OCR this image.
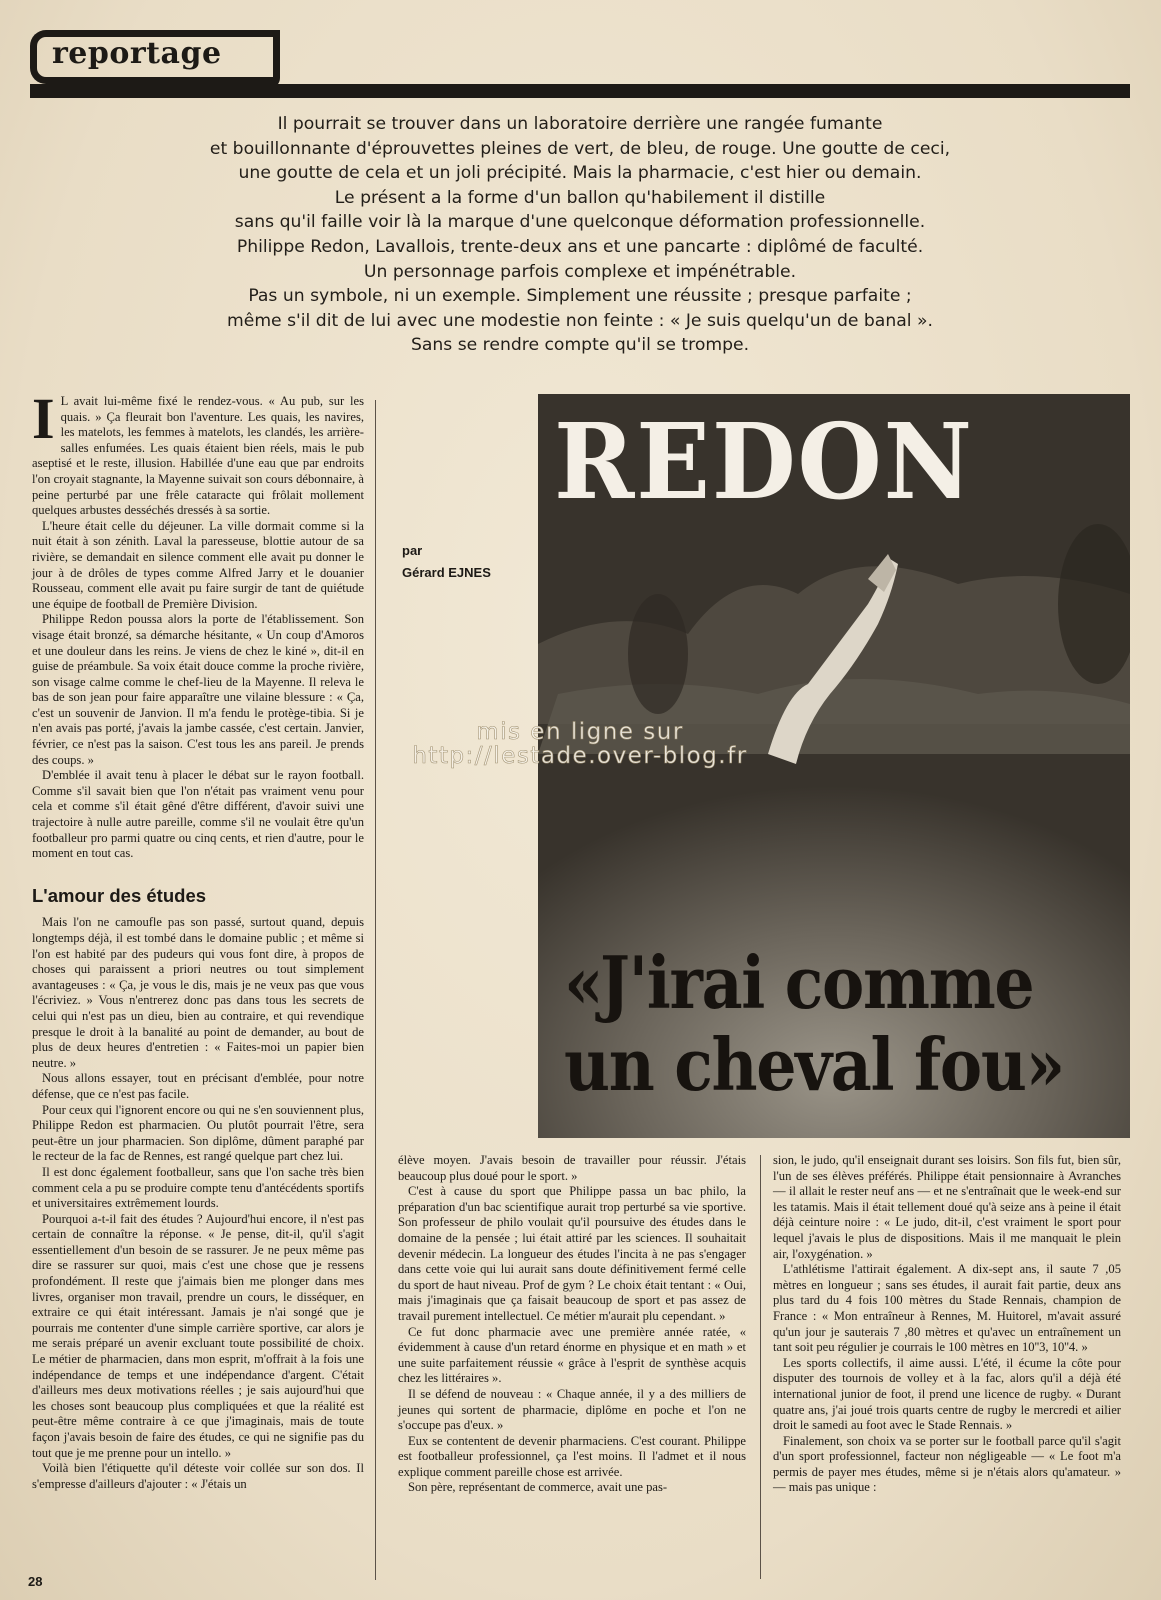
reportage

Il pourrait se trouver dans un laboratoire derrière une rangée fumante

et bouillonnante d'éprouvettes pleines de vert, de bleu, de rouge. Une goutte de ceci,

une goutte de cela et un joli précipité. Mais la pharmacie, c'est hier ou demain.

Le présent a la forme d'un ballon qu'habilement il distille

sans qu'il faille voir là la marque d'une quelconque déformation professionnelle.

Philippe Redon, Lavallois, trente-deux ans et une pancarte : diplômé de faculté.

Un personnage parfois complexe et impénétrable.

Pas un symbole, ni un exemple. Simplement une réussite ; presque parfaite ;

même s'il dit de lui avec une modestie non feinte : « Je suis quelqu'un de banal ».

Sans se rendre compte qu'il se trompe.

I L avait lui-même fixé le rendez-vous. « Au pub, sur les quais. » Ça fleurait bon l'aventure. Les quais, les navires, les matelots, les femmes à matelots, les clandés, les arrière-salles enfumées. Les quais étaient bien réels, mais le pub aseptisé et le reste, illusion. Habillée d'une eau que par endroits l'on croyait stagnante, la Mayenne suivait son cours débonnaire, à peine perturbé par une frêle cataracte qui frôlait mollement quelques arbustes desséchés dressés à sa sortie.

L'heure était celle du déjeuner. La ville dormait comme si la nuit était à son zénith. Laval la paresseuse, blottie autour de sa rivière, se demandait en silence comment elle avait pu donner le jour à de drôles de types comme Alfred Jarry et le douanier Rousseau, comment elle avait pu faire surgir de tant de quiétude une équipe de football de Première Division.

Philippe Redon poussa alors la porte de l'établissement. Son visage était bronzé, sa démarche hésitante, « Un coup d'Amoros et une douleur dans les reins. Je viens de chez le kiné », dit-il en guise de préambule. Sa voix était douce comme la proche rivière, son visage calme comme le chef-lieu de la Mayenne. Il releva le bas de son jean pour faire apparaître une vilaine blessure : « Ça, c'est un souvenir de Janvion. Il m'a fendu le protège-tibia. Si je n'en avais pas porté, j'avais la jambe cassée, c'est certain. Janvier, février, ce n'est pas la saison. C'est tous les ans pareil. Je prends des coups. »

D'emblée il avait tenu à placer le débat sur le rayon football. Comme s'il savait bien que l'on n'était pas vraiment venu pour cela et comme s'il était gêné d'être différent, d'avoir suivi une trajectoire à nulle autre pareille, comme s'il ne voulait être qu'un footballeur pro parmi quatre ou cinq cents, et rien d'autre, pour le moment en tout cas.

L'amour des études

Mais l'on ne camoufle pas son passé, surtout quand, depuis longtemps déjà, il est tombé dans le domaine public ; et même si l'on est habité par des pudeurs qui vous font dire, à propos de choses qui paraissent a priori neutres ou tout simplement avantageuses : « Ça, je vous le dis, mais je ne veux pas que vous l'écriviez. » Vous n'entrerez donc pas dans tous les secrets de celui qui n'est pas un dieu, bien au contraire, et qui revendique presque le droit à la banalité au point de demander, au bout de plus de deux heures d'entretien : « Faites-moi un papier bien neutre. »

Nous allons essayer, tout en précisant d'emblée, pour notre défense, que ce n'est pas facile.

Pour ceux qui l'ignorent encore ou qui ne s'en souviennent plus, Philippe Redon est pharmacien. Ou plutôt pourrait l'être, sera peut-être un jour pharmacien. Son diplôme, dûment paraphé par le recteur de la fac de Rennes, est rangé quelque part chez lui.

Il est donc également footballeur, sans que l'on sache très bien comment cela a pu se produire compte tenu d'antécédents sportifs et universitaires extrêmement lourds.

Pourquoi a-t-il fait des études ? Aujourd'hui encore, il n'est pas certain de connaître la réponse. « Je pense, dit-il, qu'il s'agit essentiellement d'un besoin de se rassurer. Je ne peux même pas dire se rassurer sur quoi, mais c'est une chose que je ressens profondément. Il reste que j'aimais bien me plonger dans mes livres, organiser mon travail, prendre un cours, le disséquer, en extraire ce qui était intéressant. Jamais je n'ai songé que je pourrais me contenter d'une simple carrière sportive, car alors je me serais préparé un avenir excluant toute possibilité de choix. Le métier de pharmacien, dans mon esprit, m'offrait à la fois une indépendance de temps et une indépendance d'argent. C'était d'ailleurs mes deux motivations réelles ; je sais aujourd'hui que les choses sont beaucoup plus compliquées et que la réalité est peut-être même contraire à ce que j'imaginais, mais de toute façon j'avais besoin de faire des études, ce qui ne signifie pas du tout que je me prenne pour un intello. »

Voilà bien l'étiquette qu'il déteste voir collée sur son dos. Il s'empresse d'ailleurs d'ajouter : « J'étais un

par
Gérard EJNES
REDON
«J'irai comme
un cheval fou»

élève moyen. J'avais besoin de travailler pour réussir. J'étais beaucoup plus doué pour le sport. »

C'est à cause du sport que Philippe passa un bac philo, la préparation d'un bac scientifique aurait trop perturbé sa vie sportive. Son professeur de philo voulait qu'il poursuive des études dans le domaine de la pensée ; lui était attiré par les sciences. Il souhaitait devenir médecin. La longueur des études l'incita à ne pas s'engager dans cette voie qui lui aurait sans doute définitivement fermé celle du sport de haut niveau. Prof de gym ? Le choix était tentant : « Oui, mais j'imaginais que ça faisait beaucoup de sport et pas assez de travail purement intellectuel. Ce métier m'aurait plu cependant. »

Ce fut donc pharmacie avec une première année ratée, « évidemment à cause d'un retard énorme en physique et en math » et une suite parfaitement réussie « grâce à l'esprit de synthèse acquis chez les littéraires ».

Il se défend de nouveau : « Chaque année, il y a des milliers de jeunes qui sortent de pharmacie, diplôme en poche et l'on ne s'occupe pas d'eux. »

Eux se contentent de devenir pharmaciens. C'est courant. Philippe est footballeur professionnel, ça l'est moins. Il l'admet et il nous explique comment pareille chose est arrivée.

Son père, représentant de commerce, avait une pas-

sion, le judo, qu'il enseignait durant ses loisirs. Son fils fut, bien sûr, l'un de ses élèves préférés. Philippe était pensionnaire à Avranches — il allait le rester neuf ans — et ne s'entraînait que le week-end sur les tatamis. Mais il était tellement doué qu'à seize ans à peine il était déjà ceinture noire : « Le judo, dit-il, c'est vraiment le sport pour lequel j'avais le plus de dispositions. Mais il me manquait le plein air, l'oxygénation. »

L'athlétisme l'attirait également. A dix-sept ans, il saute 7 ,05 mètres en longueur ; sans ses études, il aurait fait partie, deux ans plus tard du 4 fois 100 mètres du Stade Rennais, champion de France : « Mon entraîneur à Rennes, M. Huitorel, m'avait assuré qu'un jour je sauterais 7 ,80 mètres et qu'avec un entraînement un tant soit peu régulier je courrais le 100 mètres en 10''3, 10''4. »

Les sports collectifs, il aime aussi. L'été, il écume la côte pour disputer des tournois de volley et à la fac, alors qu'il a déjà été international junior de foot, il prend une licence de rugby. « Durant quatre ans, j'ai joué trois quarts centre de rugby le mercredi et ailier droit le samedi au foot avec le Stade Rennais. »

Finalement, son choix va se porter sur le football parce qu'il s'agit d'un sport professionnel, facteur non négligeable — « Le foot m'a permis de payer mes études, même si je n'étais alors qu'amateur. » — mais pas unique :

mis en ligne sur
http://lestade.over-blog.fr
28
